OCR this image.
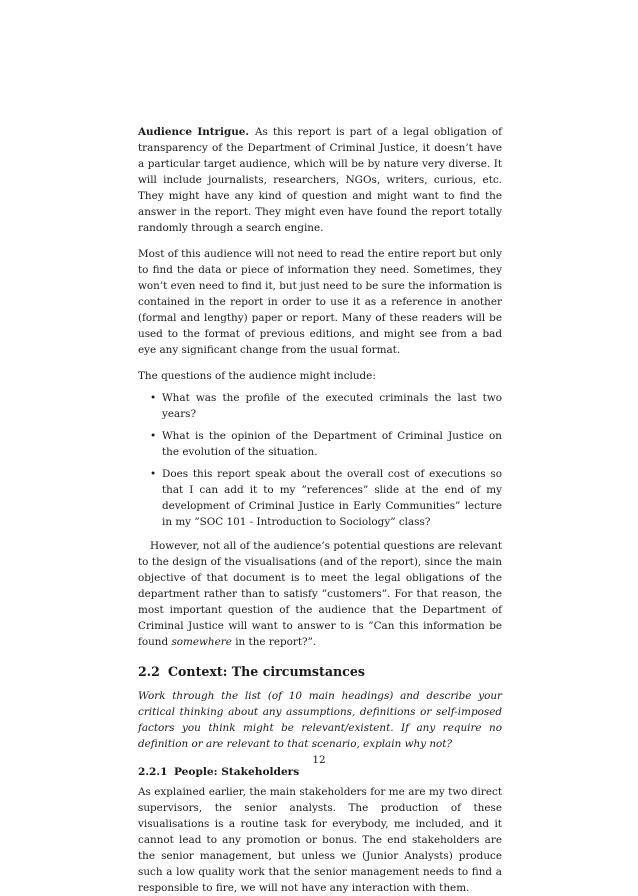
Audience Intrigue. As this report is part of a legal obligation of transparency of the Department of Criminal Justice, it doesn’t have a particular target audience, which will be by nature very diverse. It will include journalists, researchers, NGOs, writers, curious, etc. They might have any kind of question and might want to find the answer in the report. They might even have found the report totally randomly through a search engine.

Most of this audience will not need to read the entire report but only to find the data or piece of information they need. Sometimes, they won’t even need to find it, but just need to be sure the information is contained in the report in order to use it as a reference in another (formal and lengthy) paper or report. Many of these readers will be used to the format of previous editions, and might see from a bad eye any significant change from the usual format.

The questions of the audience might include:

• What was the profile of the executed criminals the last two years?
• What is the opinion of the Department of Criminal Justice on the evolution of the situation.
• Does this report speak about the overall cost of executions so that I can add it to my ”references” slide at the end of my development of Criminal Justice in Early Communities” lecture in my ”SOC 101 - Introduction to Sociology” class?

However, not all of the audience’s potential questions are relevant to the design of the visualisations (and of the report), since the main objective of that document is to meet the legal obligations of the department rather than to satisfy ”customers”. For that reason, the most important question of the audience that the Department of Criminal Justice will want to answer to is ”Can this information be found somewhere in the report?”.

2.2 Context: The circumstances

Work through the list (of 10 main headings) and describe your critical thinking about any assumptions, definitions or self-imposed factors you think might be relevant/existent. If any require no definition or are relevant to that scenario, explain why not?

2.2.1 People: Stakeholders

As explained earlier, the main stakeholders for me are my two direct supervisors, the senior analysts. The production of these visualisations is a routine task for everybody, me included, and it cannot lead to any promotion or bonus. The end stakeholders are the senior management, but unless we (Junior Analysts) produce such a low quality work that the senior management needs to find a responsible to fire, we will not have any interaction with them.

12
